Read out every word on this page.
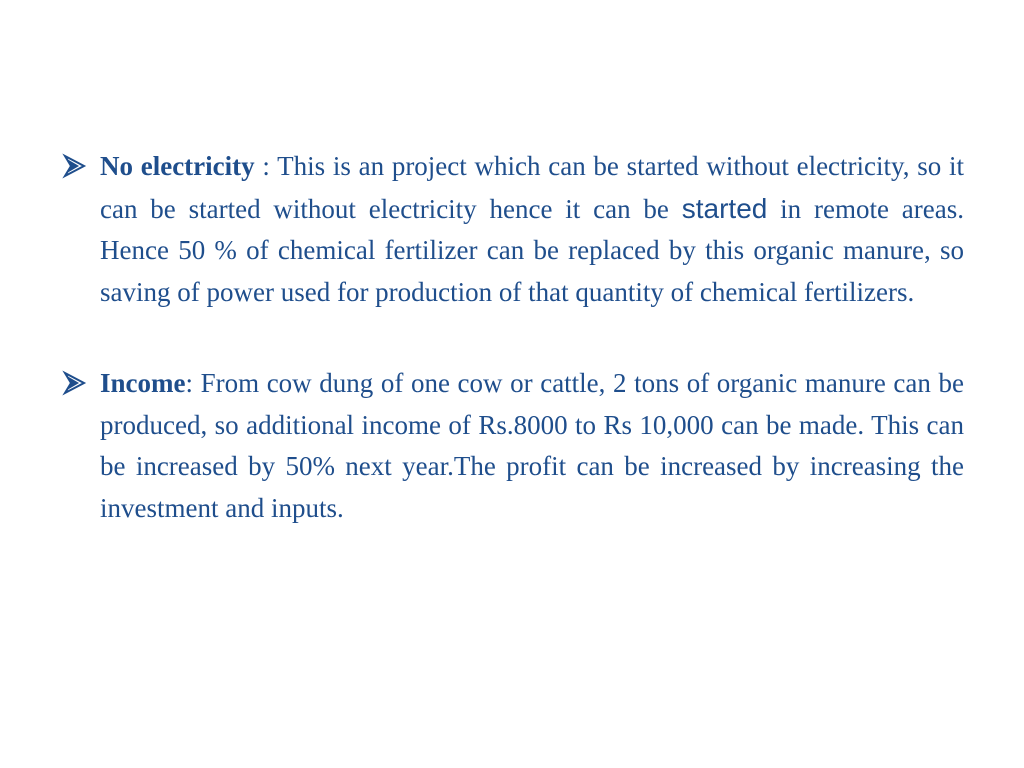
No electricity : This is an project which can be started without electricity, so it can be started without electricity hence it can be started in remote areas. Hence 50 % of chemical fertilizer can be replaced by this organic manure, so saving of power used for production of that quantity of chemical fertilizers.
Income: From cow dung of one cow or cattle, 2 tons of organic manure can be produced, so additional income of Rs.8000 to Rs 10,000 can be made. This can be increased by 50% next year.The profit can be increased by increasing the investment and inputs.
